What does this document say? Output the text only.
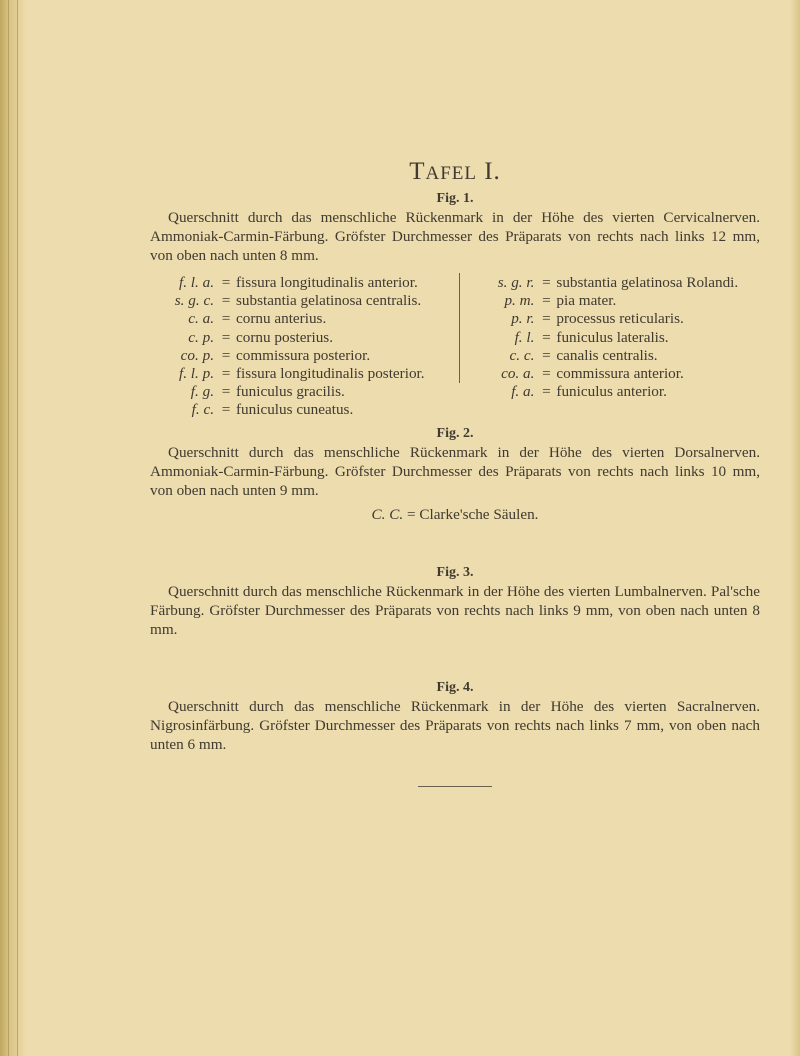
TAFEL I.
Fig. 1.

Querschnitt durch das menschliche Rückenmark in der Höhe des vierten Cervicalnerven. Ammoniak-Carmin-Färbung. Gröfster Durchmesser des Präparats von rechts nach links 12 mm, von oben nach unten 8 mm.

f. l. a. = fissura longitudinalis anterior.
s. g. c. = substantia gelatinosa centralis.
c. a. = cornu anterius.
c. p. = cornu posterius.
co. p. = commissura posterior.
f. l. p. = fissura longitudinalis posterior.
f. g. = funiculus gracilis.
f. c. = funiculus cuneatus.
s. g. r. = substantia gelatinosa Rolandi.
p. m. = pia mater.
p. r. = processus reticularis.
f. l. = funiculus lateralis.
c. c. = canalis centralis.
co. a. = commissura anterior.
f. a. = funiculus anterior.
Fig. 2.

Querschnitt durch das menschliche Rückenmark in der Höhe des vierten Dorsalnerven. Ammoniak-Carmin-Färbung. Gröfster Durchmesser des Präparats von rechts nach links 10 mm, von oben nach unten 9 mm.

C. C. = Clarke'sche Säulen.
Fig. 3.

Querschnitt durch das menschliche Rückenmark in der Höhe des vierten Lumbalnerven. Pal'sche Färbung. Gröfster Durchmesser des Präparats von rechts nach links 9 mm, von oben nach unten 8 mm.

Fig. 4.

Querschnitt durch das menschliche Rückenmark in der Höhe des vierten Sacralnerven. Nigrosinfärbung. Gröfster Durchmesser des Präparats von rechts nach links 7 mm, von oben nach unten 6 mm.
